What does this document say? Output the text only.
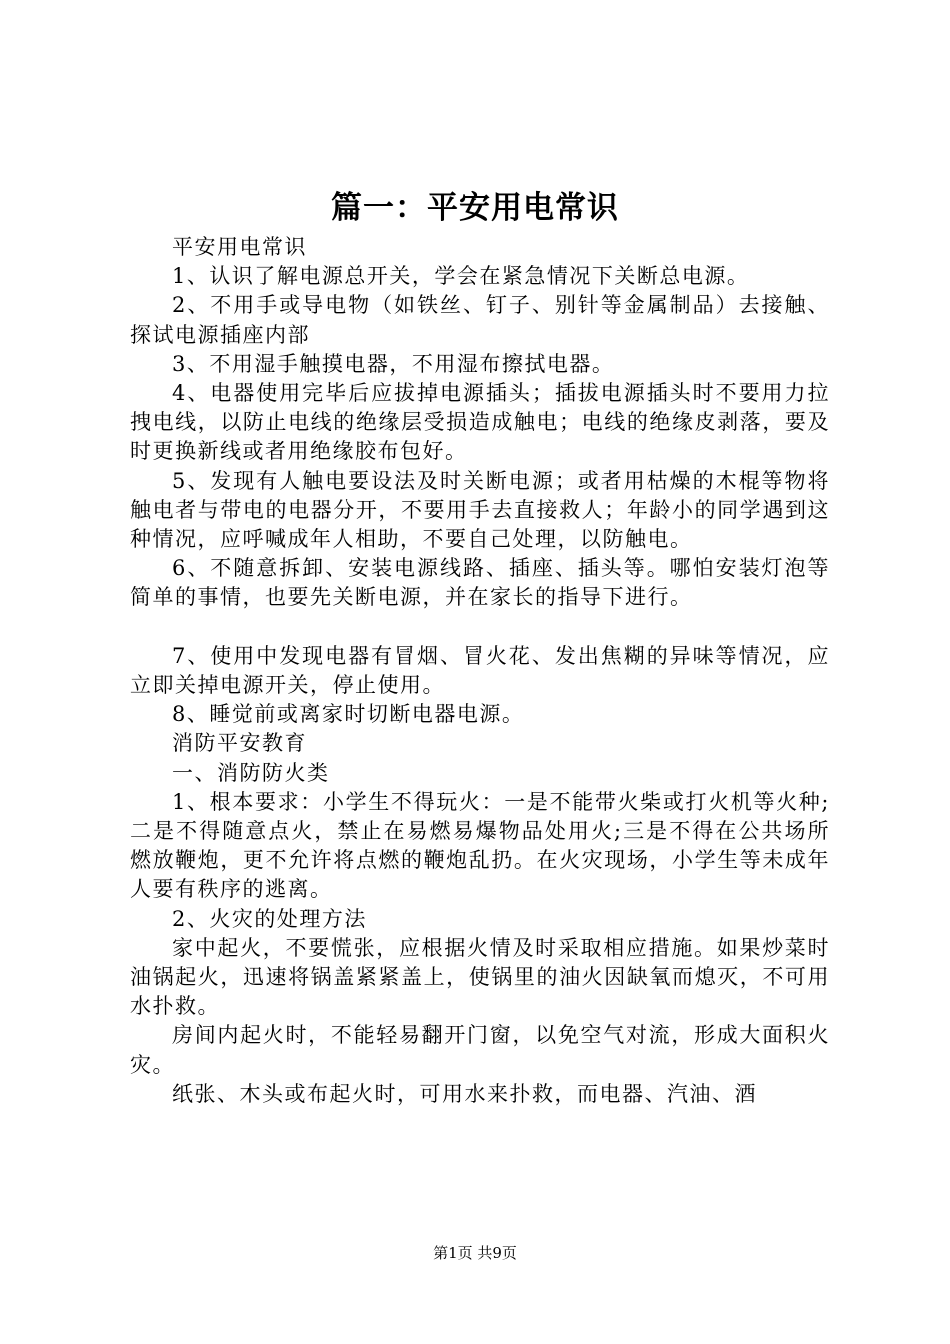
篇一：平安用电常识

平安用电常识

1、认识了解电源总开关，学会在紧急情况下关断总电源。

2、不用手或导电物（如铁丝、钉子、别针等金属制品）去接触、探试电源插座内部

3、不用湿手触摸电器，不用湿布擦拭电器。

4、电器使用完毕后应拔掉电源插头；插拔电源插头时不要用力拉拽电线，以防止电线的绝缘层受损造成触电；电线的绝缘皮剥落，要及时更换新线或者用绝缘胶布包好。

5、发现有人触电要设法及时关断电源；或者用枯燥的木棍等物将触电者与带电的电器分开，不要用手去直接救人；年龄小的同学遇到这种情况，应呼喊成年人相助，不要自己处理，以防触电。

6、不随意拆卸、安装电源线路、插座、插头等。哪怕安装灯泡等简单的事情，也要先关断电源，并在家长的指导下进行。

7、使用中发现电器有冒烟、冒火花、发出焦糊的异味等情况，应立即关掉电源开关，停止使用。

8、睡觉前或离家时切断电器电源。

消防平安教育

一、消防防火类

1、根本要求：小学生不得玩火：一是不能带火柴或打火机等火种;二是不得随意点火，禁止在易燃易爆物品处用火;三是不得在公共场所燃放鞭炮，更不允许将点燃的鞭炮乱扔。在火灾现场，小学生等未成年人要有秩序的逃离。

2、火灾的处理方法

家中起火，不要慌张，应根据火情及时采取相应措施。如果炒菜时油锅起火，迅速将锅盖紧紧盖上，使锅里的油火因缺氧而熄灭，不可用水扑救。

房间内起火时，不能轻易翻开门窗，以免空气对流，形成大面积火灾。

纸张、木头或布起火时，可用水来扑救，而电器、汽油、酒

第1页 共9页
